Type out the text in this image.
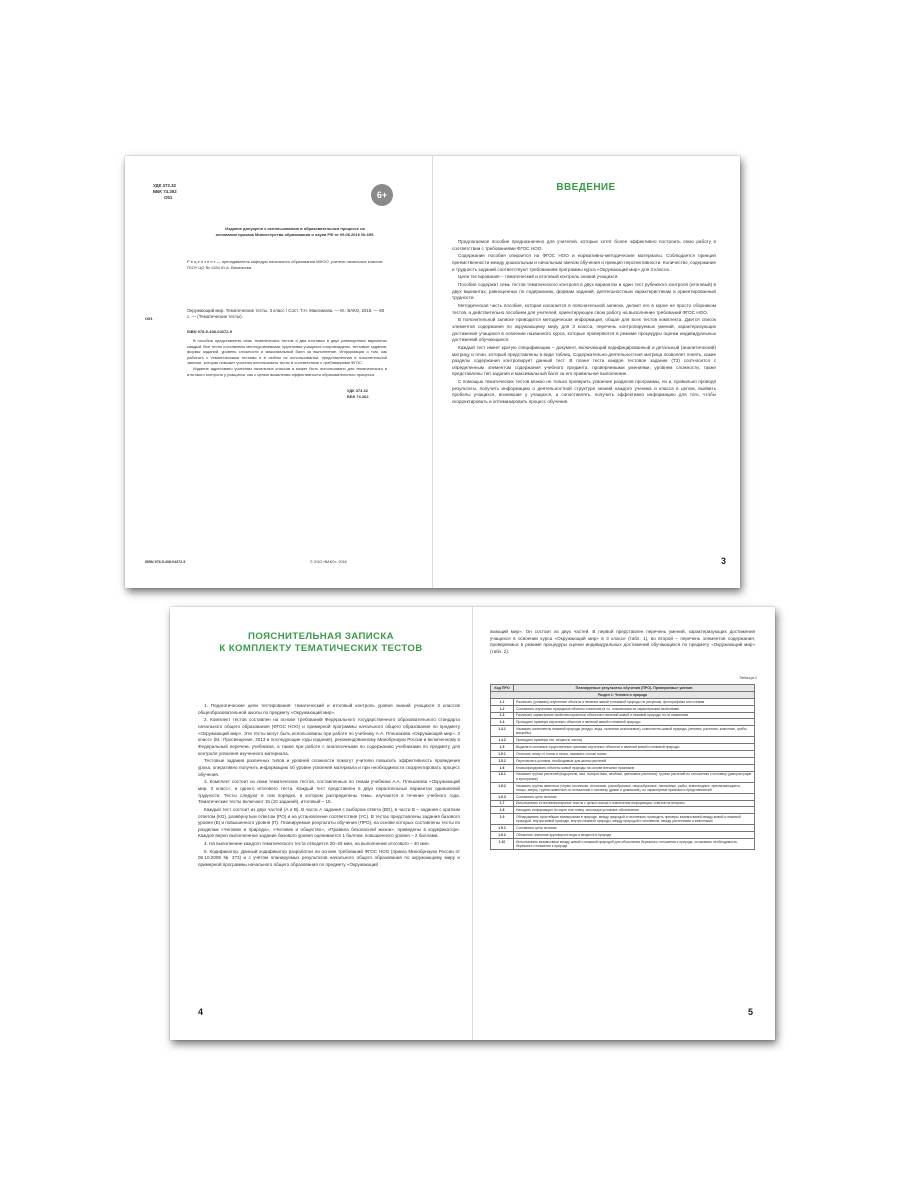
УДК 373.32
ББК 74.262
О51	6+
Издание допущено к использованию в образовательном процессе на основании приказа Министерства образования и науки РФ от 09.06.2016 № 699.
Р е ц е н з е н т — преподаватель кафедры начального образования МИОО, учитель начальных классов ГБОУ ЦО № 1284 Ю.А. Васильева.
О51
Окружающий мир. Тематические тесты. 3 класс / Сост. Т.Н. Максимова. — М.: ВАКО, 2018. — 80 с. — (Тематические тесты).
ISBN 978-5-408-04372-9
В пособии представлены семь тематических тестов и два итоговых в двух равноценных вариантах каждый. Все тесты составлены многоуровневыми, крупнизмы учащихся сопровождены, тестовые задания, формы заданий, уровень сложности и максимальный балл за выполнение. Информация о том, как работать с тематическими тестами и в любом их использовании, представленная в пояснительной записке, которая поможет учителю использовать тесты в соответствии с требованиями ФГОС.
Издание адресовано учителям начальных классов и может быть использовано для тематического и итогового контроля у учащихся, как с целью выявления эффективности образовательного процесса.
УДК 373.32
ББК 74.262
ISBN 978-5-408-04372-9	© ООО «ВАКО», 2018
ВВЕДЕНИЕ

Предлагаемое пособие предназначено для учителей, которые хотят более эффективно построить свою работу в соответствии с требованиями ФГОС НОО.

Содержание пособия опирается на ФГОС НОО и нормативно-методические материалы. Соблюдается принцип преемственности между дошкольным и начальным звеном обучения и принцип перспективности. Количество, содержание и трудность заданий соответствуют требованиям программы курса «Окружающий мир» для 3 класса.

Цели тестирования – тематический и итоговый контроль знаний учащихся.

Пособие содержит семь тестов тематического контроля в двух вариантах и один тест рубежного контроля (итоговый) в двух вариантах, равноценных по содержанию, формам заданий, деятельностным характеристикам и ориентированный трудности.

Методическая часть пособия, которая излагается в пояснительной записке, делает его в корне не просто сборником тестов, а действительно пособием для учителей, ориентирующее свою работу на выполнение требований ФГОС НОО.

В пояснительной записке приводится методическая информация, общая для всех тестов комплекта. Дается список элементов содержания по окружающему миру для 3 класса, перечень контролируемых умений, характеризующих достижения учащихся в освоении названного курса, которые проверяются в режиме процедуры оценки индивидуальных достижений обучающихся.

Каждый тест имеет кратую спецификацию – документ, включающий кодифицированный и детальный (аналитический) матрицу и план, который представлены в виде таблиц. Содержательно-деятельностная матрица позволяет понять, какие разделы содержания контролирует данный тест. В плане теста каждое тестовое задание (ТЗ) соотносится с определенным элементом содержания учебного предмета, проверяемыми умениями, уровнем сложности, также представлены тип задания и максимальный балл за его правильное выполнение.

С помощью тематических тестов можно не только проверить усвоение разделов программы, но и, правильно проводя результаты, получить информацию о деятельностной структуре знаний каждого ученика и класса в целом, выявить пробелы учащихся, возникшие у учащихся, а сопоставлять, получить эффективно информацию для того, чтобы скорректировать и оптимизировать процесс обучения.

3
ПОЯСНИТЕЛЬНАЯ ЗАПИСКА
К КОМПЛЕКТУ ТЕМАТИЧЕСКИХ ТЕСТОВ

1. Педагогические цели тестирования: тематический и итоговый контроль уровня знаний учащихся 3 классов общеобразовательной школы по предмету «Окружающий мир».

2. Комплект тестов составлен на основе требований Федерального государственного образовательного стандарта начального общего образования (ФГОС НОО) и примерной программы начального общего образования по предмету «Окружающий мир». Эти тесты могут быть использованы при работе по учебнику А.А. Плешакова «Окружающий мир». 3 класс» (М.: Просвещение, 2013 и последующие годы издания), рекомендованному Минобрнауки России и включенному в Федеральный перечень учебников, а также при работе с аналогичными по содержанию учебниками по предмету для контроля усвоения изученного материала.

Тестовые задания различных типов и уровней сложности помогут учителю повысить эффективность проведения урока, оперативно получить информацию об уровне усвоения материала и при необходимости скорректировать процесс обучения.

3. Комплект состоит из семи тематических тестов, составленных по темам учебника А.А. Плешакова «Окружающий мир. 3 класс», и одного итогового теста. Каждый тест представлен в двух параллельных вариантах одинаковой трудности. Тесты следуют в том порядке, в котором распределены темы, изучаются в течение учебного года. Тематические тесты включают 15 (10 заданий), итоговый – 15.

Каждый тест состоит из двух частей (А и В). В части А задания с выбором ответа (ВО), в части В – задания с кратким ответом (КО), развёрнутым ответом (РО) и на установление соответствия (УС). В тестах представлены задания базового уровня (Б) и повышенного уровня (П). Планируемые результаты обучения (ПРО), на основе которых составлены тесты по разделам «Человек и природа», «Человек и общество», «Правила безопасной жизни», приведены в кодификаторе. Каждое верно выполненное задание базового уровня оценивается 1 баллом, повышенного уровня – 2 баллами.

4. На выполнение каждого тематического теста отводится 20–25 мин, на выполнение итогового – 40 мин.

5. Кодификатор. Данный кодификатор разработан на основе требований ФГОС НОО (приказ Минобрнауки России от 06.10.2009 № 373) и с учётом планируемых результатов начального общего образования по окружающему миру и примерной программы начального общего образования по предмету «Окружающий

4

жающий мир». Он состоит из двух частей. В первой представлен перечень умений, характеризующих достижения учащихся в освоении курса «Окружающий мир» в 3 классе (табл. 1), во второй – перечень элементов содержания, проверяемых в режиме процедуры оценки индивидуальных достижений обучающихся по предмету «Окружающий мир» (табл. 2).

Таблица 1
Код ПРО	Планируемые результаты обучения (ПРО). Проверяемые умения
Раздел 1. Человек и природа	
1.1	Различать (узнавать) изученные объекты и явления живой и неживой природы по рисункам, фотографиям или схемам
1.2	Составлять изученные природные объекты и явления (в т.ч. описанными их характерными свойствами
1.3	Различать характерные свойства изученных объектов и явлений живой и неживой природы по их названиям
1.4	Проводить примеры изученных объектов и явлений живой и неживой природы
1.4.1	Называть компоненты неживой природы (воздух, вода, полезные ископаемые), компоненты живой природы (человек, растения, животные, грибы, микробы)
1.4.2	Приводить примеры тел, веществ, частиц
1.5	Выделять основные существенные признаки изученных объектов и явлений живой и неживой природы
1.5.1	Отличать почву от глины и песка, называть состав почвы
1.5.2	Перечислять условия, необходимые для жизни растений
1.6	Классифицировать объекты живой природы на основе внешних признаков
1.6.1	Называть группы растений (водоросли, мхи, папоротники, хвойные, цветковые растения), группы растений по отношению к человеку (дикорастущие и культурные)
1.6.2	Называть группы животных (черви, моллюски, иглокожие, ракообразные, паукообразные, насекомые, рыбы, земноводные, пресмыкающиеся, птицы, звери), группы животных по отношению к человеку (дикие и домашние), их характерные признаки и представителей
1.6.3	Составлять цепи питания
1.7	Использовать естественнонаучные тексты с целью поиска и извлечения информации, ответов на вопросы
1.8	Находить информацию по карте или плану, используя условные обозначения
1.9	Обнаруживать простейшие взаимосвязи в природе, между природой и человеком; приводить примеры взаимосвязей между живой и неживой природой, внутри живой природы, внутри неживой природы, между природой и человеком, между растениями и животными
1.9.1	Составлять цепи питания
1.9.2	Объяснять значение круговорота воды и веществ в природе
1.10	Использовать взаимосвязи между живой и неживой природой для объяснения бережного отношения к природе, осознавать необходимость бережного отношения к природе
5
